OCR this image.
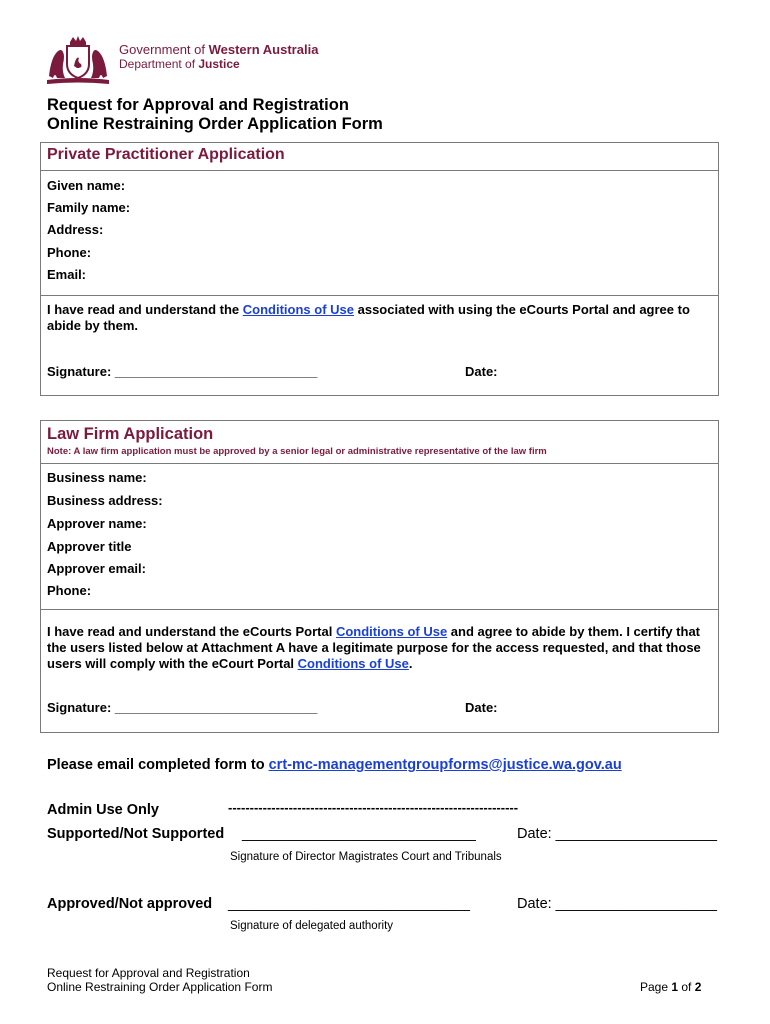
Government of Western Australia
Department of Justice
Request for Approval and Registration
Online Restraining Order Application Form
Private Practitioner Application
Given name:
Family name:
Address:
Phone:
Email:
I have read and understand the Conditions of Use associated with using the eCourts Portal and agree to abide by them.
Signature: ____________________________	Date:
Law Firm Application
Note: A law firm application must be approved by a senior legal or administrative representative of the law firm
Business name:
Business address:
Approver name:
Approver title
Approver email:
Phone:
I have read and understand the eCourts Portal Conditions of Use and agree to abide by them. I certify that the users listed below at Attachment A have a legitimate purpose for the access requested, and that those users will comply with the eCourt Portal Conditions of Use.
Signature: ____________________________	Date:
Please email completed form to crt-mc-managementgroupforms@justice.wa.gov.au
Admin Use Only	-------------------------------------------------------------------
Supported/Not Supported _____________________________	Date: ____________________
Signature of Director Magistrates Court and Tribunals
Approved/Not approved ______________________________	Date: ____________________
Signature of delegated authority
Request for Approval and Registration
Online Restraining Order Application Form	Page 1 of 2
